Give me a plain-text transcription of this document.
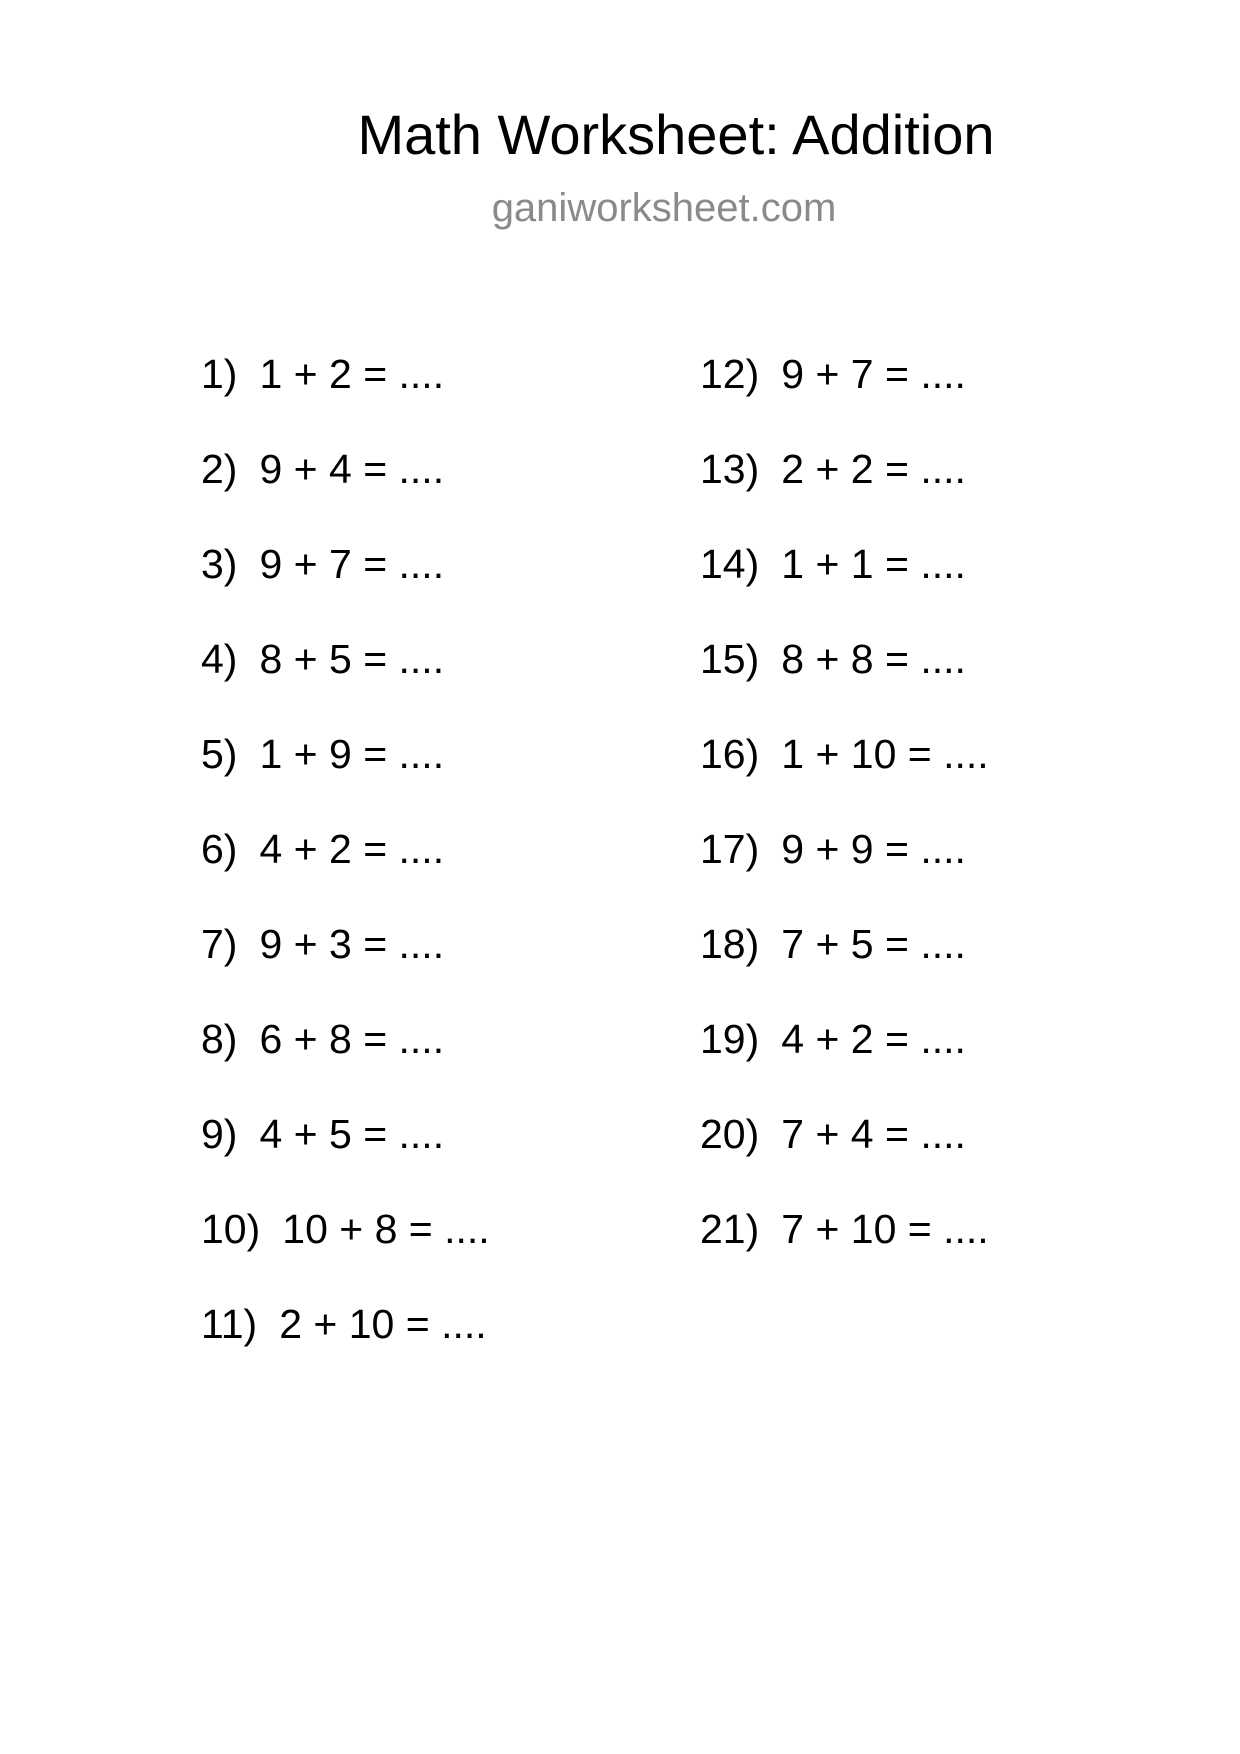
Math Worksheet: Addition
ganiworksheet.com
1) 1 + 2 = ....
2) 9 + 4 = ....
3) 9 + 7 = ....
4) 8 + 5 = ....
5) 1 + 9 = ....
6) 4 + 2 = ....
7) 9 + 3 = ....
8) 6 + 8 = ....
9) 4 + 5 = ....
10) 10 + 8 = ....
11) 2 + 10 = ....
12) 9 + 7 = ....
13) 2 + 2 = ....
14) 1 + 1 = ....
15) 8 + 8 = ....
16) 1 + 10 = ....
17) 9 + 9 = ....
18) 7 + 5 = ....
19) 4 + 2 = ....
20) 7 + 4 = ....
21) 7 + 10 = ....
